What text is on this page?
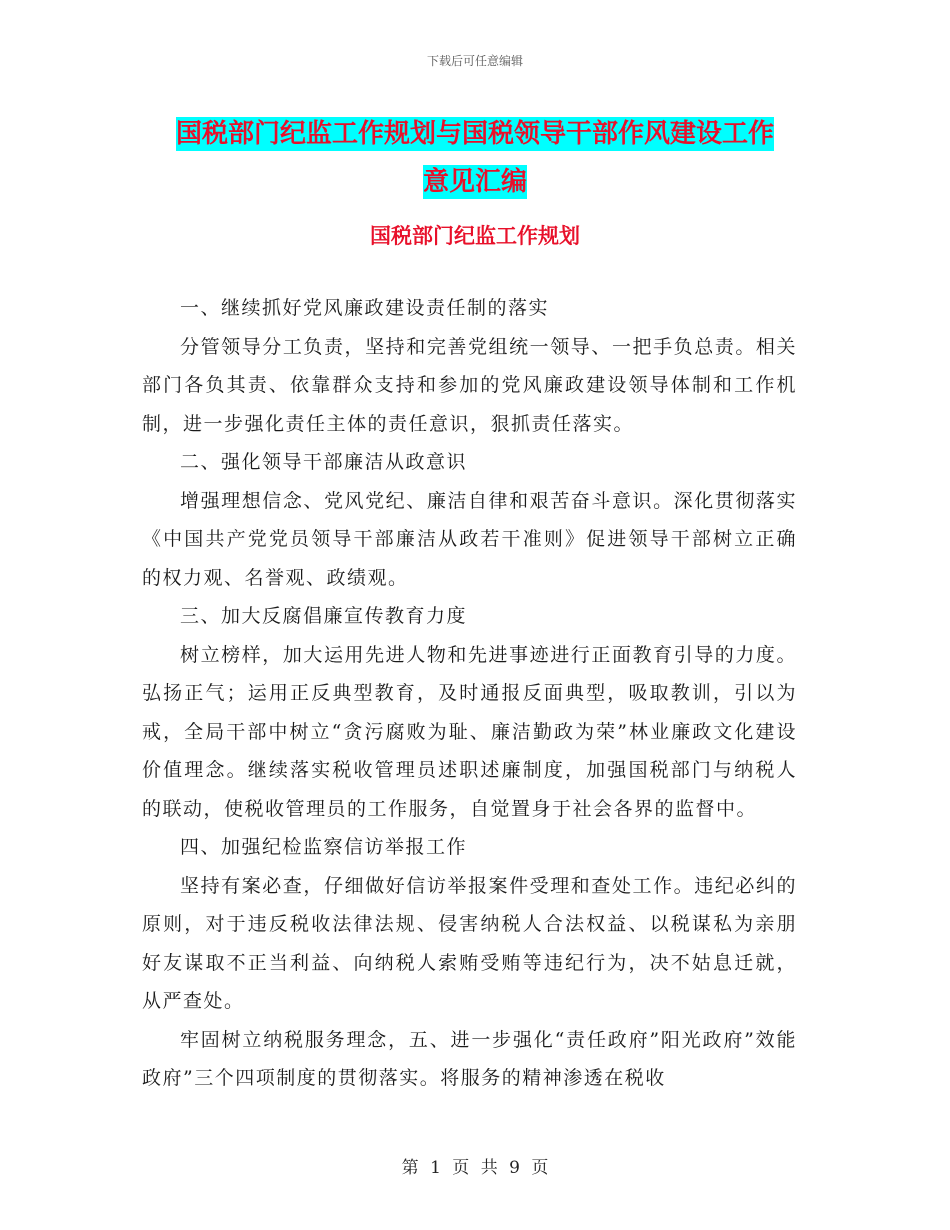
下载后可任意编辑
国税部门纪监工作规划与国税领导干部作风建设工作
意见汇编
国税部门纪监工作规划

一、继续抓好党风廉政建设责任制的落实

分管领导分工负责，坚持和完善党组统一领导、一把手负总责。相关部门各负其责、依靠群众支持和参加的党风廉政建设领导体制和工作机制，进一步强化责任主体的责任意识，狠抓责任落实。

二、强化领导干部廉洁从政意识

增强理想信念、党风党纪、廉洁自律和艰苦奋斗意识。深化贯彻落实《中国共产党党员领导干部廉洁从政若干准则》促进领导干部树立正确的权力观、名誉观、政绩观。

三、加大反腐倡廉宣传教育力度

树立榜样，加大运用先进人物和先进事迹进行正面教育引导的力度。弘扬正气；运用正反典型教育，及时通报反面典型，吸取教训，引以为戒，全局干部中树立“贪污腐败为耻、廉洁勤政为荣”林业廉政文化建设价值理念。继续落实税收管理员述职述廉制度，加强国税部门与纳税人的联动，使税收管理员的工作服务，自觉置身于社会各界的监督中。

四、加强纪检监察信访举报工作

坚持有案必查，仔细做好信访举报案件受理和查处工作。违纪必纠的原则，对于违反税收法律法规、侵害纳税人合法权益、以税谋私为亲朋好友谋取不正当利益、向纳税人索贿受贿等违纪行为，决不姑息迁就，从严查处。

牢固树立纳税服务理念，五、进一步强化“责任政府”阳光政府”效能政府”三个四项制度的贯彻落实。将服务的精神渗透在税收

第 1 页 共 9 页
